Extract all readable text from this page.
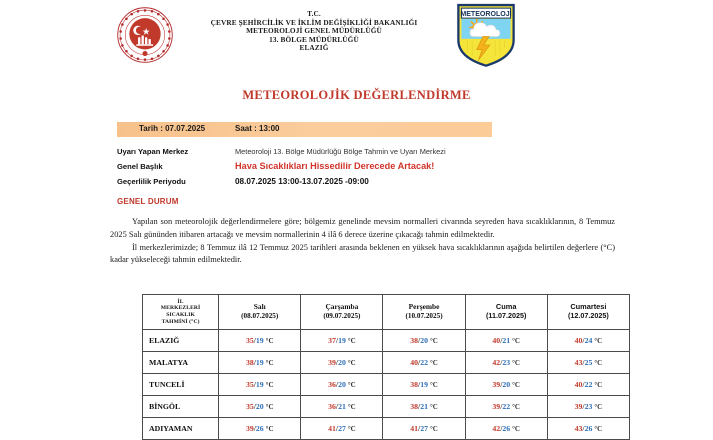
T.C.
ÇEVRE ŞEHİRCİLİK VE İKLİM DEĞİŞİKLİĞİ BAKANLIĞI
METEOROLOJİ GENEL MÜDÜRLÜĞÜ
13. BÖLGE MÜDÜRLÜĞÜ
ELAZIĞ
METEOROLOJİ
METEOROLOJİK DEĞERLENDİRME
Tarih : 07.07.2025	Saat : 13:00
Uyarı Yapan Merkez	Meteoroloji 13. Bölge Müdürlüğü Bölge Tahmin ve Uyarı Merkezi
Genel Başlık	Hava Sıcaklıkları Hissedilir Derecede Artacak!
Geçerlilik Periyodu	08.07.2025 13:00-13.07.2025 -09:00
GENEL DURUM

Yapılan son meteorolojik değerlendirmelere göre; bölgemiz genelinde mevsim normalleri civarında seyreden hava sıcaklıklarının, 8 Temmuz 2025 Salı gününden itibaren artacağı ve mevsim normallerinin 4 ilâ 6 derece üzerine çıkacağı tahmin edilmektedir.

İl merkezlerimizde; 8 Temmuz ilâ 12 Temmuz 2025 tarihleri arasında beklenen en yüksek hava sıcaklıklarının aşağıda belirtilen değerlere (°C) kadar yükseleceği tahmin edilmektedir.

İL
MERKEZLERİ
SICAKLIK
TAHMİNİ (°C)

Salı
(08.07.2025)

Çarşamba
(09.07.2025)

Perşembe
(10.07.2025)

Cuma
(11.07.2025)

Cumartesi
(12.07.2025)

ELAZIĞ	35/19 °C	37/19 °C	38/20 °C	40/21 °C	40/24 °C
MALATYA	38/19 °C	39/20 °C	40/22 °C	42/23 °C	43/25 °C
TUNCELİ	35/19 °C	36/20 °C	38/19 °C	39/20 °C	40/22 °C
BİNGÖL	35/20 °C	36/21 °C	38/21 °C	39/22 °C	39/23 °C
ADIYAMAN	39/26 °C	41/27 °C	41/27 °C	42/26 °C	43/26 °C
